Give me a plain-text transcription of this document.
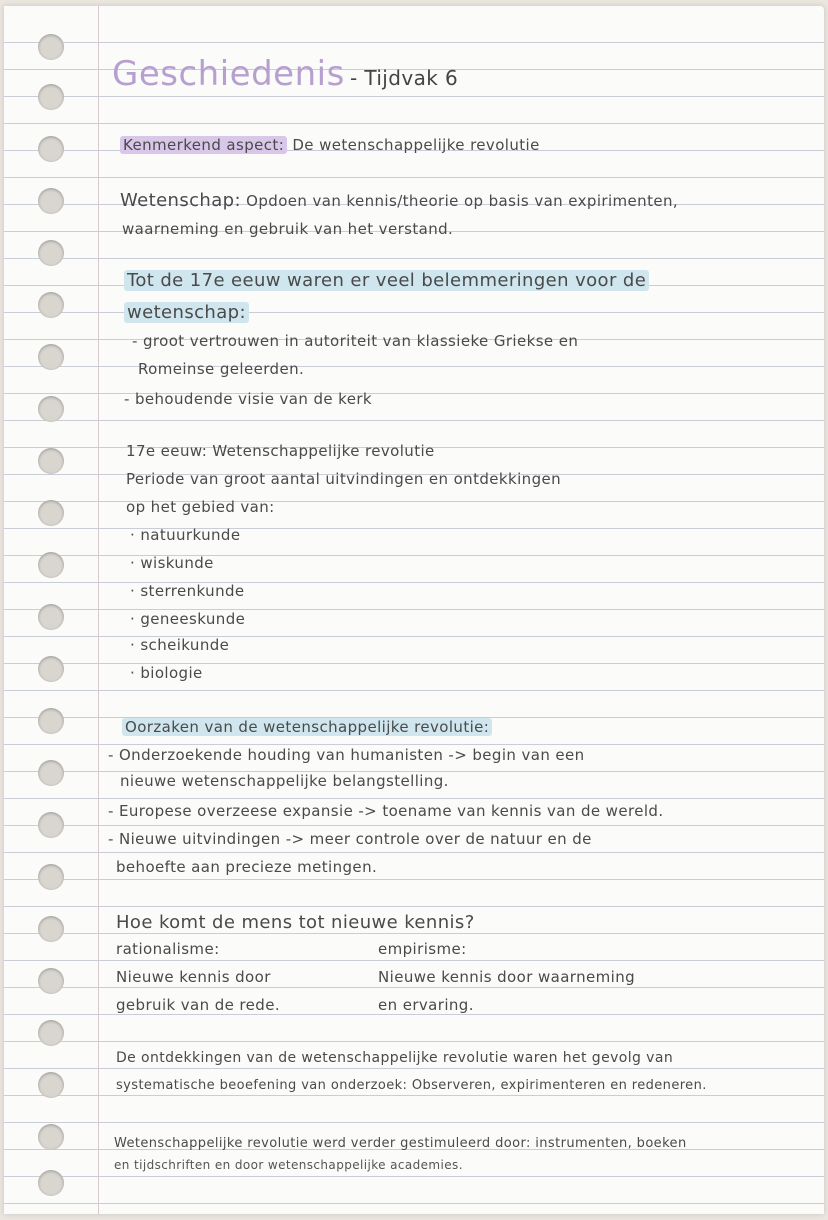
Geschiedenis - Tijdvak 6
Kenmerkend aspect: De wetenschappelijke revolutie
Wetenschap: Opdoen van kennis/theorie op basis van expirimenten,
waarneming en gebruik van het verstand.
Tot de 17e eeuw waren er veel belemmeringen voor de
wetenschap:
- groot vertrouwen in autoriteit van klassieke Griekse en
Romeinse geleerden.
- behoudende visie van de kerk
17e eeuw: Wetenschappelijke revolutie
Periode van groot aantal uitvindingen en ontdekkingen
op het gebied van:
· natuurkunde
· wiskunde
· sterrenkunde
· geneeskunde
· scheikunde
· biologie
Oorzaken van de wetenschappelijke revolutie:
- Onderzoekende houding van humanisten -> begin van een
nieuwe wetenschappelijke belangstelling.
- Europese overzeese expansie -> toename van kennis van de wereld.
- Nieuwe uitvindingen -> meer controle over de natuur en de
behoefte aan precieze metingen.
Hoe komt de mens tot nieuwe kennis?
rationalisme:
Nieuwe kennis door
gebruik van de rede.
empirisme:
Nieuwe kennis door waarneming
en ervaring.
De ontdekkingen van de wetenschappelijke revolutie waren het gevolg van
systematische beoefening van onderzoek: Observeren, expirimenteren en redeneren.
Wetenschappelijke revolutie werd verder gestimuleerd door: instrumenten, boeken
en tijdschriften en door wetenschappelijke academies.
